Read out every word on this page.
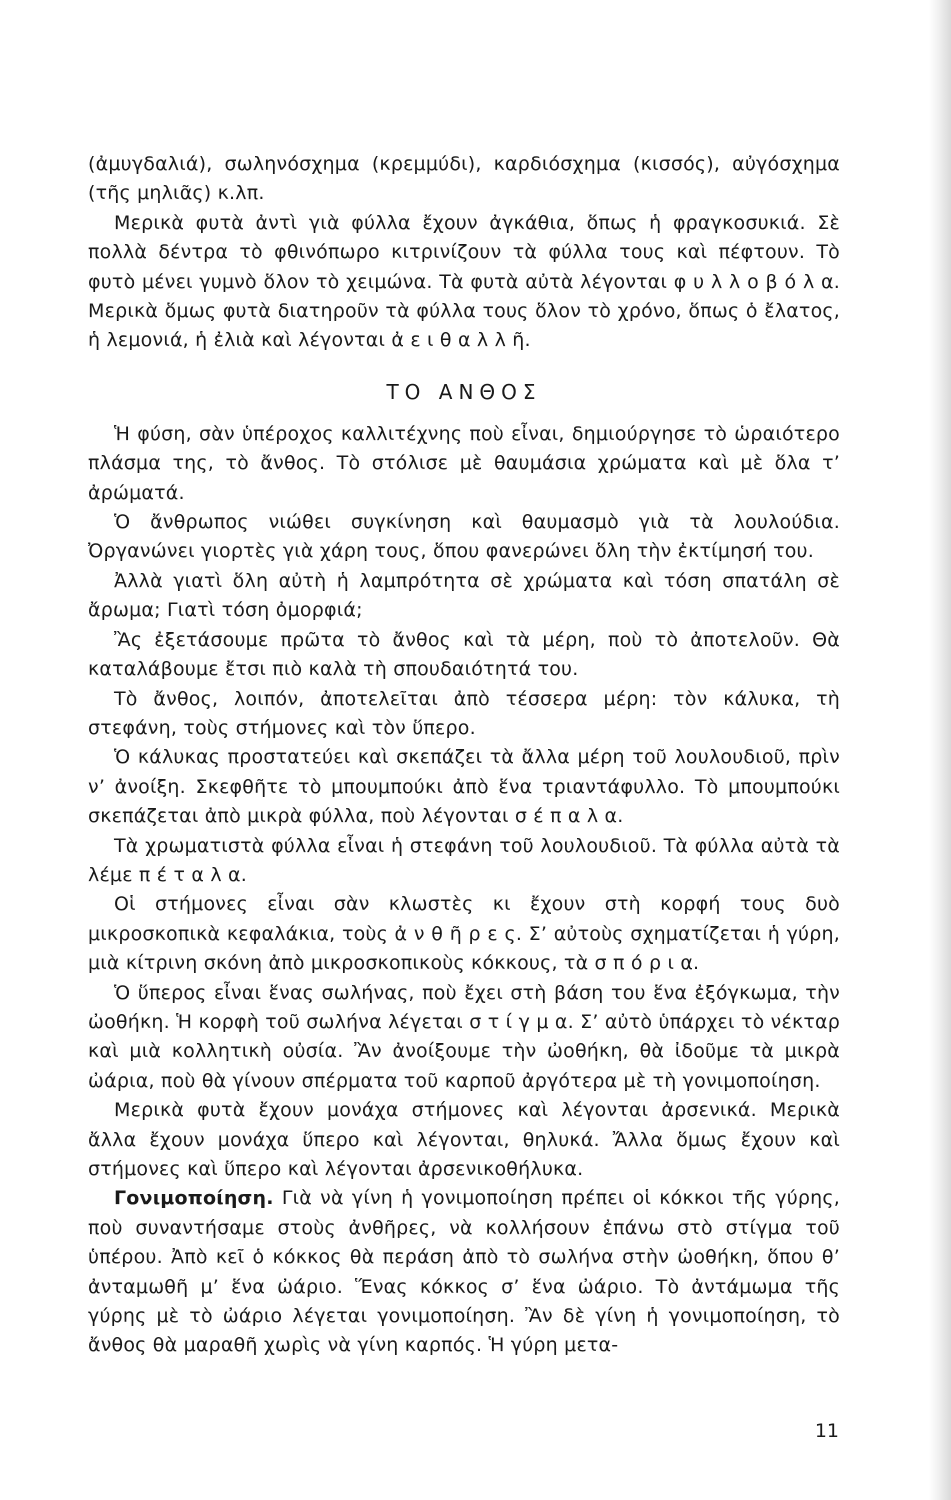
(ἀμυγδαλιά), σωληνόσχημα (κρεμμύδι), καρδιόσχημα (κισσός), αὐγόσχημα (τῆς μηλιᾶς) κ.λπ.

Μερικὰ φυτὰ ἀντὶ γιὰ φύλλα ἔχουν ἀγκάθια, ὅπως ἡ φραγκοσυκιά. Σὲ πολλὰ δέντρα τὸ φθινόπωρο κιτρινίζουν τὰ φύλλα τους καὶ πέφτουν. Τὸ φυτὸ μένει γυμνὸ ὅλον τὸ χειμώνα. Τὰ φυτὰ αὐτὰ λέγονται φ υ λ λ ο β ό λ α. Μερικὰ ὅμως φυτὰ διατηροῦν τὰ φύλλα τους ὅλον τὸ χρόνο, ὅπως ὁ ἔλατος, ἡ λεμονιά, ἡ ἐλιὰ καὶ λέγονται ἀ ε ι θ α λ λ ῆ.

ΤΟ ΑΝΘΟΣ

Ἡ φύση, σὰν ὑπέροχος καλλιτέχνης ποὺ εἶναι, δημιούργησε τὸ ὡραιότερο πλάσμα της, τὸ ἄνθος. Τὸ στόλισε μὲ θαυμάσια χρώματα καὶ μὲ ὅλα τ’ ἀρώματά.

Ὁ ἄνθρωπος νιώθει συγκίνηση καὶ θαυμασμὸ γιὰ τὰ λουλούδια. Ὀργανώνει γιορτὲς γιὰ χάρη τους, ὅπου φανερώνει ὅλη τὴν ἐκτίμησή του.

Ἀλλὰ γιατὶ ὅλη αὐτὴ ἡ λαμπρότητα σὲ χρώματα καὶ τόση σπατάλη σὲ ἄρωμα; Γιατὶ τόση ὀμορφιά;

Ἂς ἐξετάσουμε πρῶτα τὸ ἄνθος καὶ τὰ μέρη, ποὺ τὸ ἀποτελοῦν. Θὰ καταλάβουμε ἔτσι πιὸ καλὰ τὴ σπουδαιότητά του.

Τὸ ἄνθος, λοιπόν, ἀποτελεῖται ἀπὸ τέσσερα μέρη: τὸν κάλυκα, τὴ στεφάνη, τοὺς στήμονες καὶ τὸν ὕπερο.

Ὁ κάλυκας προστατεύει καὶ σκεπάζει τὰ ἄλλα μέρη τοῦ λουλουδιοῦ, πρὶν ν’ ἀνοίξη. Σκεφθῆτε τὸ μπουμπούκι ἀπὸ ἕνα τριαντάφυλλο. Τὸ μπουμπούκι σκεπάζεται ἀπὸ μικρὰ φύλλα, ποὺ λέγονται σ έ π α λ α.

Τὰ χρωματιστὰ φύλλα εἶναι ἡ στεφάνη τοῦ λουλουδιοῦ. Τὰ φύλλα αὐτὰ τὰ λέμε π έ τ α λ α.

Οἱ στήμονες εἶναι σὰν κλωστὲς κι ἔχουν στὴ κορφή τους δυὸ μικροσκοπικὰ κεφαλάκια, τοὺς ἀ ν θ ῆ ρ ε ς. Σ’ αὐτοὺς σχηματίζεται ἡ γύρη, μιὰ κίτρινη σκόνη ἀπὸ μικροσκοπικοὺς κόκκους, τὰ σ π ό ρ ι α.

Ὁ ὕπερος εἶναι ἕνας σωλήνας, ποὺ ἔχει στὴ βάση του ἕνα ἐξόγκωμα, τὴν ὠοθήκη. Ἡ κορφὴ τοῦ σωλήνα λέγεται σ τ ί γ μ α. Σ’ αὐτὸ ὑπάρχει τὸ νέκταρ καὶ μιὰ κολλητικὴ οὐσία. Ἂν ἀνοίξουμε τὴν ὠοθήκη, θὰ ἰδοῦμε τὰ μικρὰ ὠάρια, ποὺ θὰ γίνουν σπέρματα τοῦ καρποῦ ἀργότερα μὲ τὴ γονιμοποίηση.

Μερικὰ φυτὰ ἔχουν μονάχα στήμονες καὶ λέγονται ἀρσενικά. Μερικὰ ἄλλα ἔχουν μονάχα ὕπερο καὶ λέγονται, θηλυκά. Ἄλλα ὅμως ἔχουν καὶ στήμονες καὶ ὕπερο καὶ λέγονται ἀρσενικοθήλυκα.

Γονιμοποίηση. Γιὰ νὰ γίνη ἡ γονιμοποίηση πρέπει οἱ κόκκοι τῆς γύρης, ποὺ συναντήσαμε στοὺς ἀνθῆρες, νὰ κολλήσουν ἐπάνω στὸ στίγμα τοῦ ὑπέρου. Ἀπὸ κεῖ ὁ κόκκος θὰ περάση ἀπὸ τὸ σωλήνα στὴν ὠοθήκη, ὅπου θ’ ἀνταμωθῆ μ’ ἕνα ὠάριο. Ἕνας κόκκος σ’ ἕνα ὠάριο. Τὸ ἀντάμωμα τῆς γύρης μὲ τὸ ὠάριο λέγεται γονιμοποίηση. Ἂν δὲ γίνη ἡ γονιμοποίηση, τὸ ἄνθος θὰ μαραθῆ χωρὶς νὰ γίνη καρπός. Ἡ γύρη μετα-

11
